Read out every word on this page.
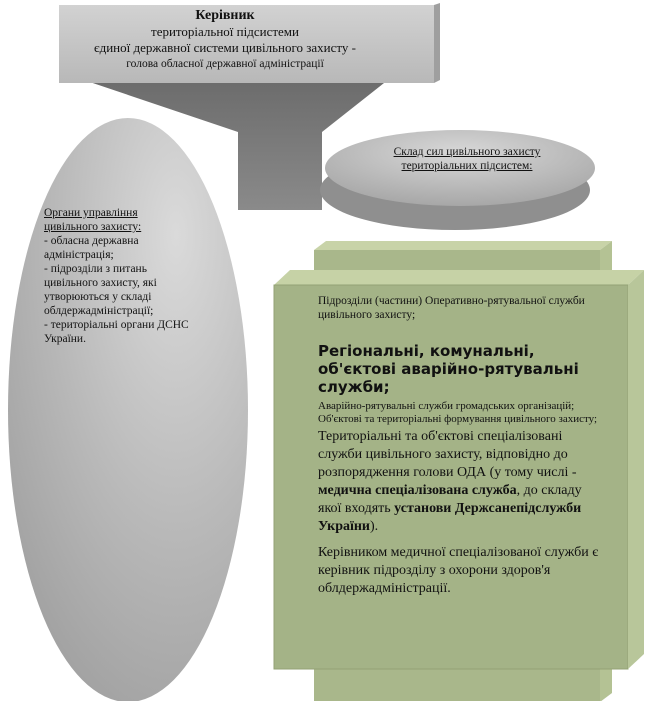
Керівник
територіальної підсистеми
єдиної державної системи цивільного захисту -
голова обласної державної адміністрації
Органи управління цивільного захисту:
- обласна державна адміністрація;
- підрозділи з питань цивільного захисту, які утворюються у складі облдержадміністрації;
- територіальні органи ДСНС України.
Склад сил цивільного захисту територіальних підсистем:

Підрозділи (частини) Оперативно-рятувальної служби цивільного захисту;

Регіональні, комунальні, об'єктові аварійно-рятувальні служби;

Аварійно-рятувальні служби громадських організацій;

Об'єктові та територіальні формування цивільного захисту;

Територіальні та об'єктові спеціалізовані служби цивільного захисту, відповідно до розпорядження голови ОДА (у тому числі - медична спеціалізована служба, до складу якої входять установи Держсанепідслужби України).

Керівником медичної спеціалізованої служби є керівник підрозділу з охорони здоров'я облдержадміністрації.
